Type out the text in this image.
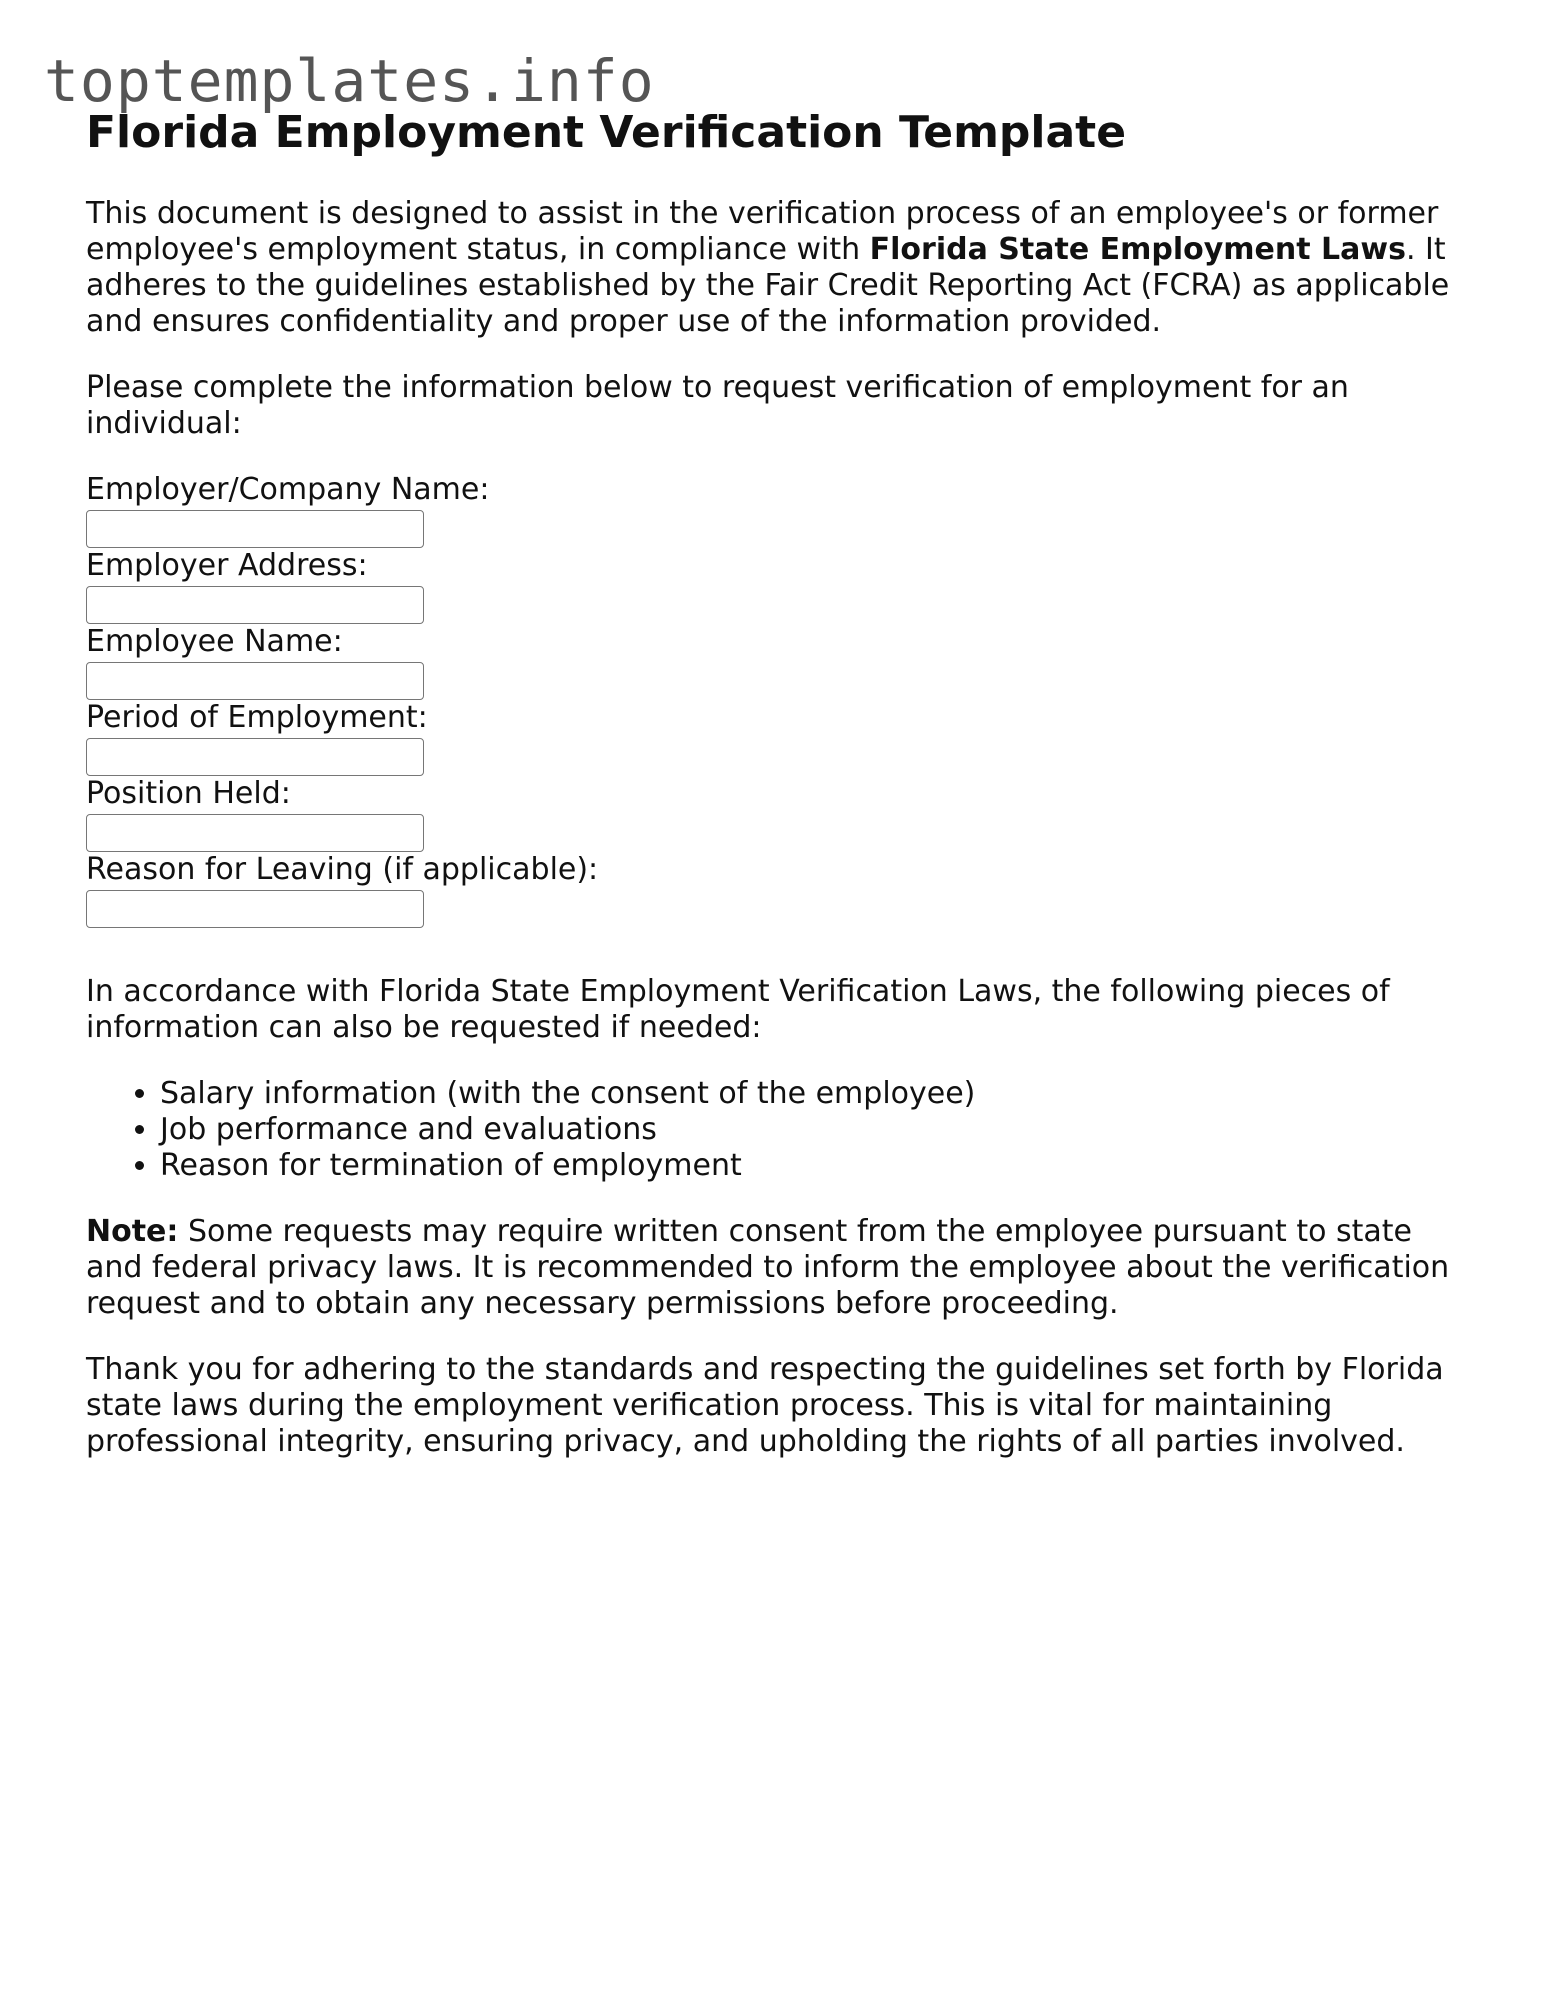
toptemplates.info
Florida Employment Verification Template

This document is designed to assist in the verification process of an employee's or former employee's employment status, in compliance with Florida State Employment Laws. It adheres to the guidelines established by the Fair Credit Reporting Act (FCRA) as applicable and ensures confidentiality and proper use of the information provided.

Please complete the information below to request verification of employment for an individual:

Employer/Company Name:
Employer Address:
Employee Name:
Period of Employment:
Position Held:
Reason for Leaving (if applicable):

In accordance with Florida State Employment Verification Laws, the following pieces of information can also be requested if needed:

• Salary information (with the consent of the employee)
• Job performance and evaluations
• Reason for termination of employment

Note: Some requests may require written consent from the employee pursuant to state and federal privacy laws. It is recommended to inform the employee about the verification request and to obtain any necessary permissions before proceeding.

Thank you for adhering to the standards and respecting the guidelines set forth by Florida state laws during the employment verification process. This is vital for maintaining professional integrity, ensuring privacy, and upholding the rights of all parties involved.
